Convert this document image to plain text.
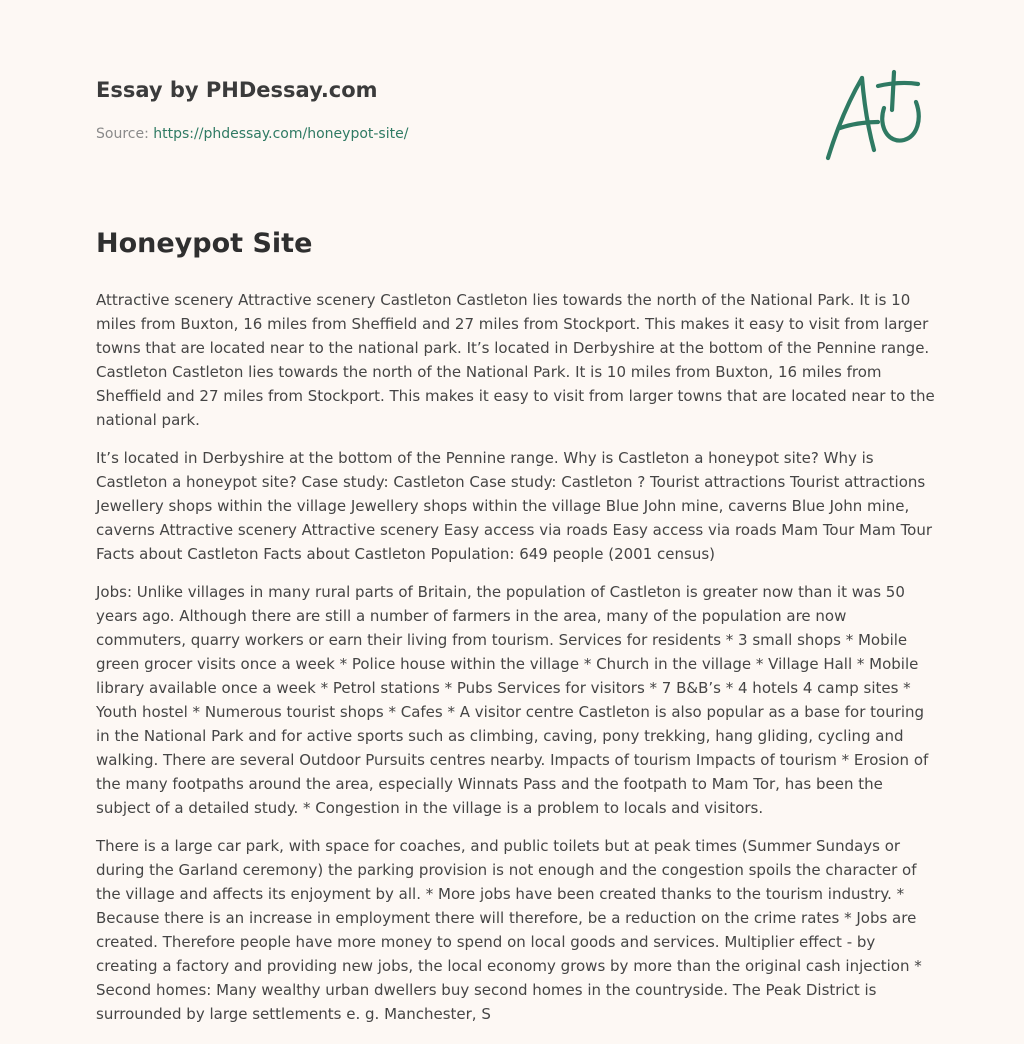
Essay by PHDessay.com
Source: https://phdessay.com/honeypot-site/
Honeypot Site

Attractive scenery Attractive scenery Castleton Castleton lies towards the north of the National Park. It is 10 miles from Buxton, 16 miles from Sheffield and 27 miles from Stockport. This makes it easy to visit from larger towns that are located near to the national park. It’s located in Derbyshire at the bottom of the Pennine range. Castleton Castleton lies towards the north of the National Park. It is 10 miles from Buxton, 16 miles from Sheffield and 27 miles from Stockport. This makes it easy to visit from larger towns that are located near to the national park.

It’s located in Derbyshire at the bottom of the Pennine range. Why is Castleton a honeypot site? Why is Castleton a honeypot site? Case study: Castleton Case study: Castleton ? Tourist attractions Tourist attractions Jewellery shops within the village Jewellery shops within the village Blue John mine, caverns Blue John mine, caverns Attractive scenery Attractive scenery Easy access via roads Easy access via roads Mam Tour Mam Tour Facts about Castleton Facts about Castleton Population: 649 people (2001 census)

Jobs: Unlike villages in many rural parts of Britain, the population of Castleton is greater now than it was 50 years ago. Although there are still a number of farmers in the area, many of the population are now commuters, quarry workers or earn their living from tourism. Services for residents * 3 small shops * Mobile green grocer visits once a week * Police house within the village * Church in the village * Village Hall * Mobile library available once a week * Petrol stations * Pubs Services for visitors * 7 B&B’s * 4 hotels 4 camp sites * Youth hostel * Numerous tourist shops * Cafes * A visitor centre Castleton is also popular as a base for touring in the National Park and for active sports such as climbing, caving, pony trekking, hang gliding, cycling and walking. There are several Outdoor Pursuits centres nearby. Impacts of tourism Impacts of tourism * Erosion of the many footpaths around the area, especially Winnats Pass and the footpath to Mam Tor, has been the subject of a detailed study. * Congestion in the village is a problem to locals and visitors.

There is a large car park, with space for coaches, and public toilets but at peak times (Summer Sundays or during the Garland ceremony) the parking provision is not enough and the congestion spoils the character of the village and affects its enjoyment by all. * More jobs have been created thanks to the tourism industry. * Because there is an increase in employment there will therefore, be a reduction on the crime rates * Jobs are created. Therefore people have more money to spend on local goods and services. Multiplier effect - by creating a factory and providing new jobs, the local economy grows by more than the original cash injection * Second homes: Many wealthy urban dwellers buy second homes in the countryside. The Peak District is surrounded by large settlements e. g. Manchester, S
